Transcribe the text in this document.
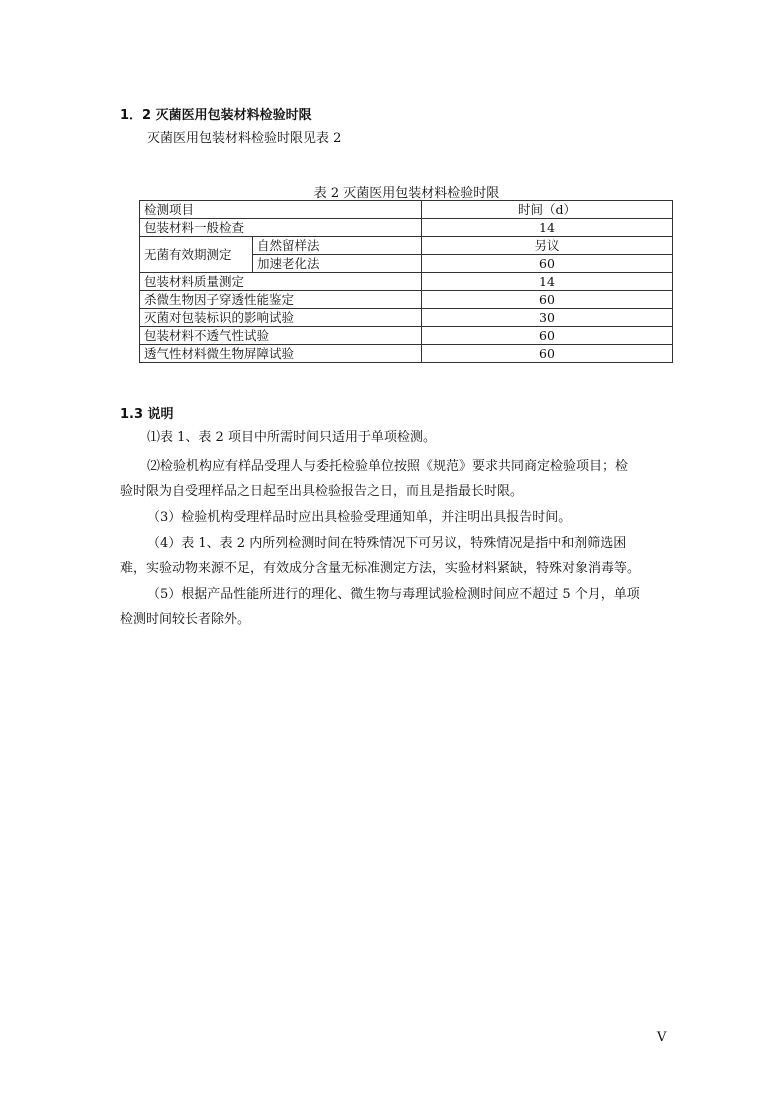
1．2 灭菌医用包装材料检验时限
灭菌医用包装材料检验时限见表 2
表 2 灭菌医用包装材料检验时限
检测项目		时间（d）
包装材料一般检查		14
无菌有效期测定	自然留样法	另议
	加速老化法	60
包装材料质量测定		14
杀微生物因子穿透性能鉴定		60
灭菌对包装标识的影响试验		30
包装材料不透气性试验		60
透气性材料微生物屏障试验		60
1.3 说明
⑴表 1、表 2 项目中所需时间只适用于单项检测。
⑵检验机构应有样品受理人与委托检验单位按照《规范》要求共同商定检验项目；检
验时限为自受理样品之日起至出具检验报告之日，而且是指最长时限。
（3）检验机构受理样品时应出具检验受理通知单，并注明出具报告时间。
（4）表 1、表 2 内所列检测时间在特殊情况下可另议，特殊情况是指中和剂筛选困
难，实验动物来源不足，有效成分含量无标准测定方法，实验材料紧缺，特殊对象消毒等。
（5）根据产品性能所进行的理化、微生物与毒理试验检测时间应不超过 5 个月，单项
检测时间较长者除外。
V
